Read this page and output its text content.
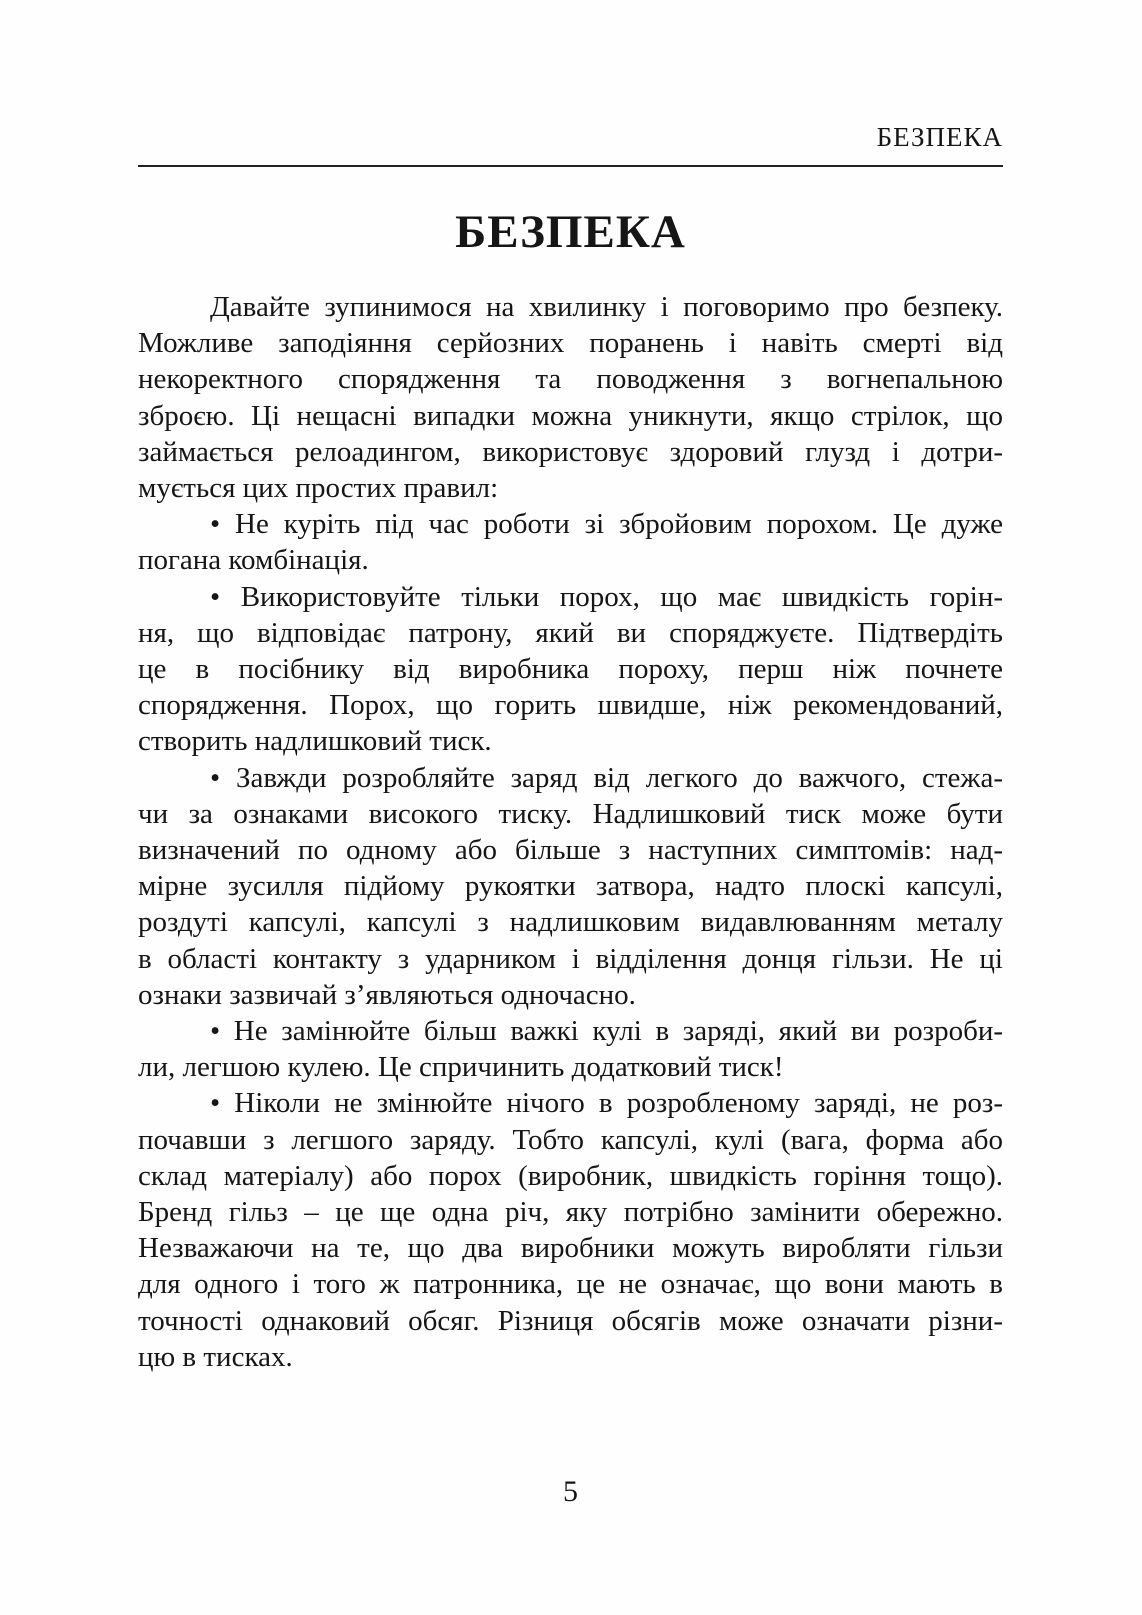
БЕЗПЕКА
БЕЗПЕКА
Давайте зупинимося на хвилинку і поговоримо про безпеку.
Можливе заподіяння серйозних поранень і навіть смерті від
некоректного спорядження та поводження з вогнепальною
зброєю. Ці нещасні випадки можна уникнути, якщо стрілок, що
займається релоадингом, використовує здоровий глузд і дотри-
мується цих простих правил:
• Не куріть під час роботи зі збройовим порохом. Це дуже
погана комбінація.
• Використовуйте тільки порох, що має швидкість горін-
ня, що відповідає патрону, який ви споряджуєте. Підтвердіть
це в посібнику від виробника пороху, перш ніж почнете
спорядження. Порох, що горить швидше, ніж рекомендований,
створить надлишковий тиск.
• Завжди розробляйте заряд від легкого до важчого, стежа-
чи за ознаками високого тиску. Надлишковий тиск може бути
визначений по одному або більше з наступних симптомів: над-
мірне зусилля підйому рукоятки затвора, надто плоскі капсулі,
роздуті капсулі, капсулі з надлишковим видавлюванням металу
в області контакту з ударником і відділення донця гільзи. Не ці
ознаки зазвичай з’являються одночасно.
• Не замінюйте більш важкі кулі в заряді, який ви розроби-
ли, легшою кулею. Це спричинить додатковий тиск!
• Ніколи не змінюйте нічого в розробленому заряді, не роз-
почавши з легшого заряду. Тобто капсулі, кулі (вага, форма або
склад матеріалу) або порох (виробник, швидкість горіння тощо).
Бренд гільз – це ще одна річ, яку потрібно замінити обережно.
Незважаючи на те, що два виробники можуть виробляти гільзи
для одного і того ж патронника, це не означає, що вони мають в
точності однаковий обсяг. Різниця обсягів може означати різни-
цю в тисках.
5
